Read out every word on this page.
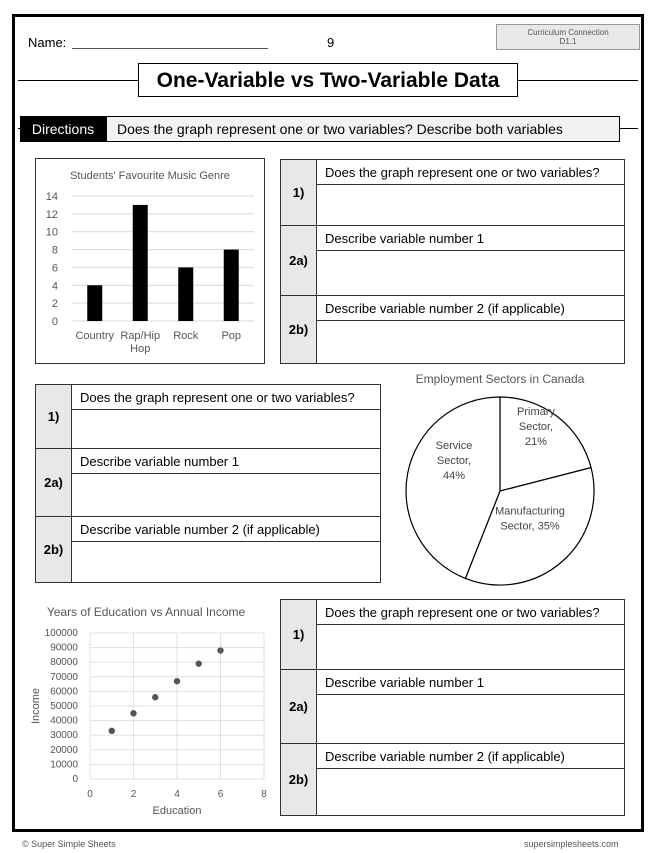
Name:	9
Curriculum Connection
D1.1
One-Variable vs Two-Variable Data
Directions	Does the graph represent one or two variables? Describe both variables
Students' Favourite Music Genre
0
2
4
6
8
10
12
14
Country Rap/Hip
Hop
Rock Pop
1)	Does the graph represent one or two variables?

2a)	Describe variable number 1

2b)	Describe variable number 2 (if applicable)

1)	Does the graph represent one or two variables?

2a)	Describe variable number 1

2b)	Describe variable number 2 (if applicable)

Employment Sectors in Canada
Primary
Sector,
21%
Manufacturing
Sector, 35%
Service
Sector,
44%
Years of Education vs Annual Income
Education
Income
0	2	4	6	8
0
10000
20000
30000
40000
50000
60000
70000
80000
90000
100000	1)	Does the graph represent one or two variables?

2a)	Describe variable number 1

2b)	Describe variable number 2 (if applicable)

© Super Simple Sheets	supersimplesheets.com
